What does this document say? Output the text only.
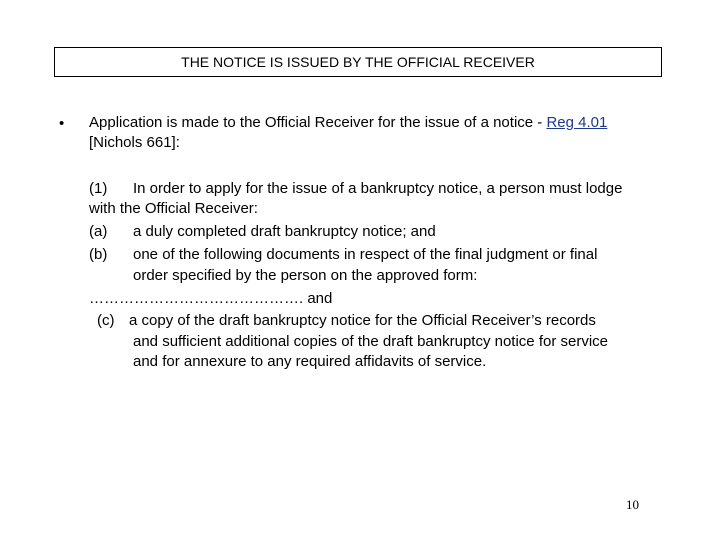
THE NOTICE IS ISSUED BY THE OFFICIAL RECEIVER
• Application is made to the Official Receiver for the issue of a notice - Reg 4.01
[Nichols 661]:
(1) In order to apply for the issue of a bankruptcy notice, a person must lodge
with the Official Receiver:
(a) a duly completed draft bankruptcy notice; and
(b) one of the following documents in respect of the final judgment or final
order specified by the person on the approved form:
……………………………………. and
(c) a copy of the draft bankruptcy notice for the Official Receiver’s records
and sufficient additional copies of the draft bankruptcy notice for service
and for annexure to any required affidavits of service.
10
